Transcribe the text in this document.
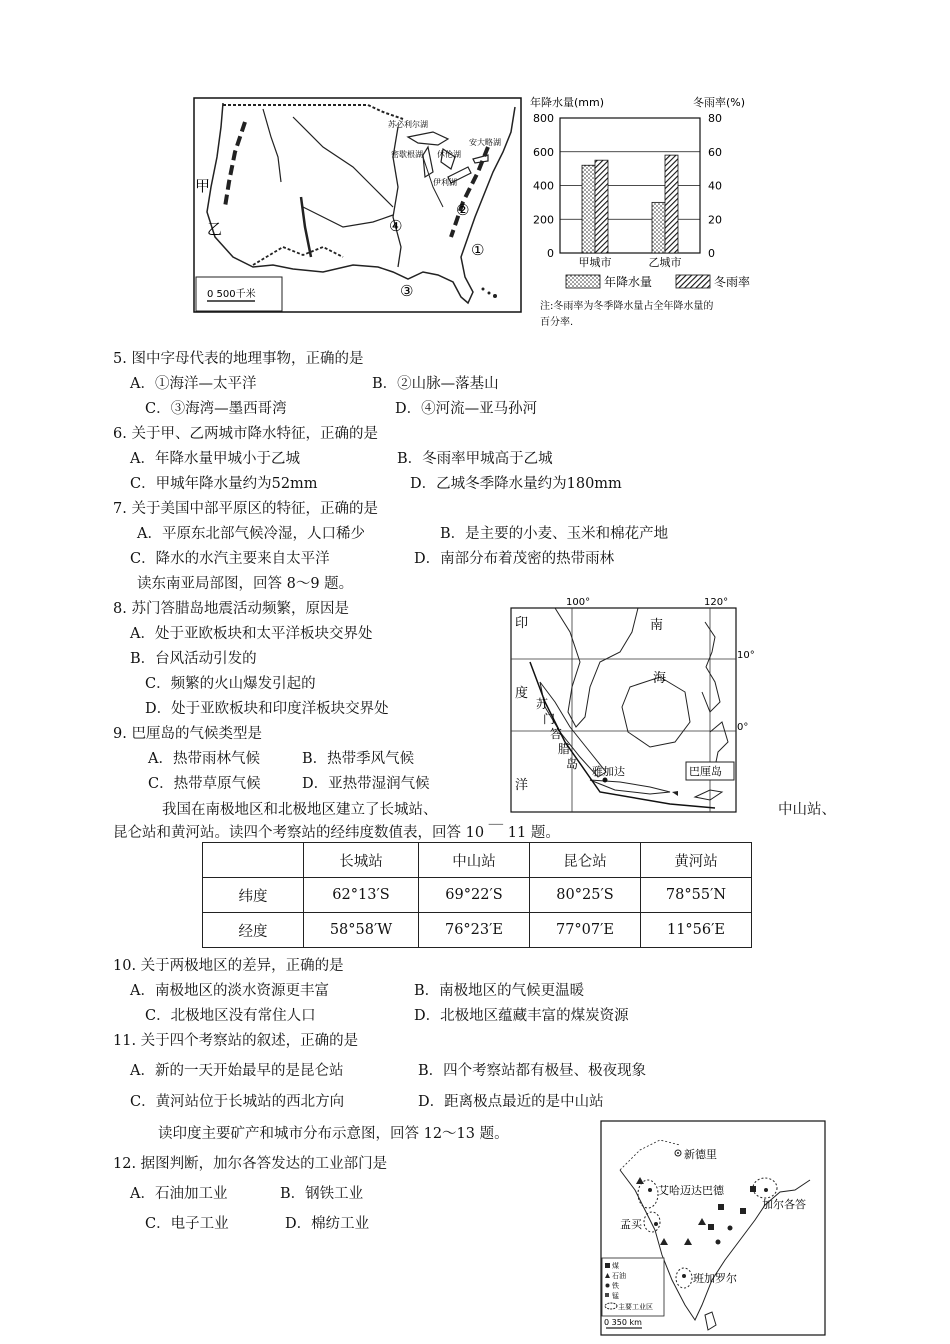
0 500千米
甲
乙
①
②
③
④
苏必利尔湖
密歇根湖 休伦湖
伊利湖
安大略湖
年降水量(mm)	冬雨率(%)
800
600
400
200
0
80
60
40
20
0
甲城市	乙城市
年降水量	冬雨率
注:冬雨率为冬季降水量占全年降水量的
百分率.
5. 图中字母代表的地理事物，正确的是
A．①海洋—太平洋	B．②山脉—落基山
C．③海湾—墨西哥湾	D．④河流—亚马孙河
6. 关于甲、乙两城市降水特征，正确的是
A．年降水量甲城小于乙城	B．冬雨率甲城高于乙城
C．甲城年降水量约为52mm	D．乙城冬季降水量约为180mm
7. 关于美国中部平原区的特征，正确的是
A．平原东北部气候冷湿，人口稀少	B．是主要的小麦、玉米和棉花产地
C．降水的水汽主要来自太平洋	D．南部分布着茂密的热带雨林
读东南亚局部图，回答 8～9 题。
8. 苏门答腊岛地震活动频繁，原因是
A．处于亚欧板块和太平洋板块交界处
B．台风活动引发的
C．频繁的火山爆发引起的
D．处于亚欧板块和印度洋板块交界处
9. 巴厘岛的气候类型是
A．热带雨林气候	B．热带季风气候
C．热带草原气候	D．亚热带湿润气候
100°	120°
10°
0°
印
度
洋
南
海
苏
门
答
腊
岛
雅加达	巴厘岛
我国在南极地区和北极地区建立了长城站、	中山站、
昆仑站和黄河站。读四个考察站的经纬度数值表，回答 10 ￣ 11 题。
	长城站	中山站	昆仑站	黄河站
纬度	62°13′S	69°22′S	80°25′S	78°55′N
经度	58°58′W	76°23′E	77°07′E	11°56′E
10. 关于两极地区的差异，正确的是
A．南极地区的淡水资源更丰富	B．南极地区的气候更温暖
C．北极地区没有常住人口	D．北极地区蕴藏丰富的煤炭资源
11. 关于四个考察站的叙述，正确的是
A．新的一天开始最早的是昆仑站	B．四个考察站都有极昼、极夜现象
C．黄河站位于长城站的西北方向	D．距离极点最近的是中山站
读印度主要矿产和城市分布示意图，回答 12～13 题。
12. 据图判断，加尔各答发达的工业部门是
A．石油加工业	B．钢铁工业
C．电子工业	D．棉纺工业
新德里
艾哈迈达巴德
加尔各答
孟买
班加罗尔
煤
石油
铁
锰
主要工业区
0 350 km
